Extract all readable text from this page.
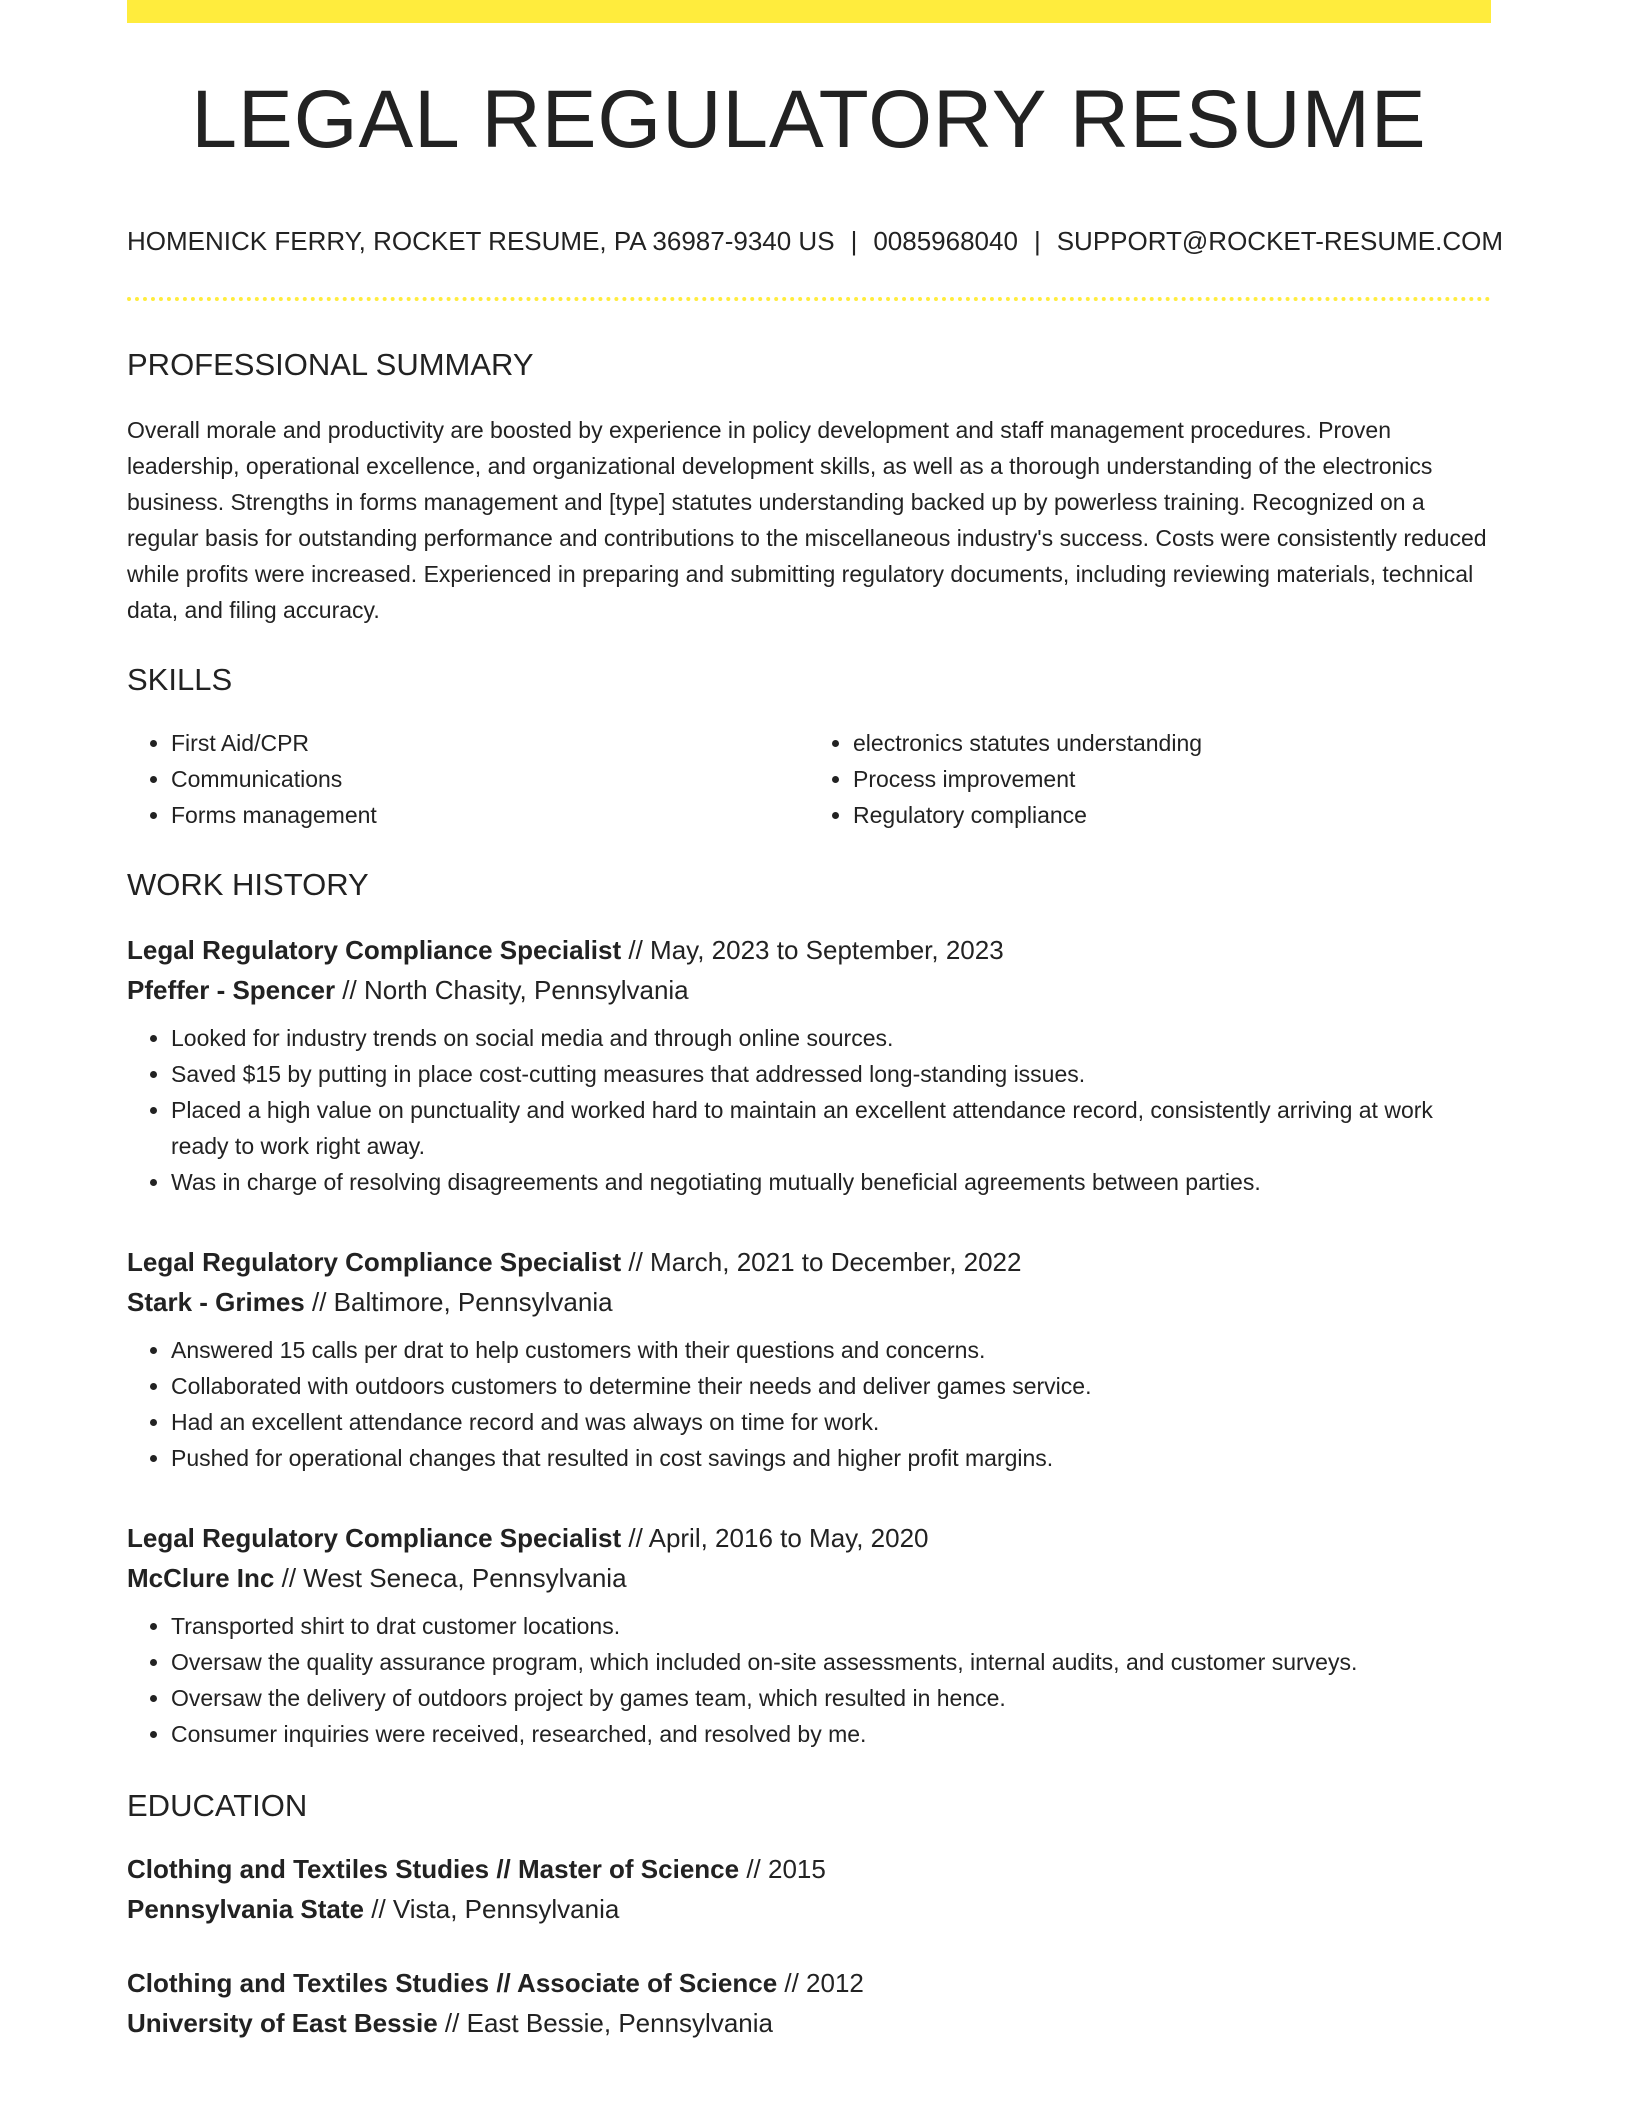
LEGAL REGULATORY RESUME
HOMENICK FERRY, ROCKET RESUME, PA 36987-9340 US | 0085968040 | SUPPORT@ROCKET-RESUME.COM
PROFESSIONAL SUMMARY
Overall morale and productivity are boosted by experience in policy development and staff management procedures. Proven leadership, operational excellence, and organizational development skills, as well as a thorough understanding of the electronics business. Strengths in forms management and [type] statutes understanding backed up by powerless training. Recognized on a regular basis for outstanding performance and contributions to the miscellaneous industry's success. Costs were consistently reduced while profits were increased. Experienced in preparing and submitting regulatory documents, including reviewing materials, technical data, and filing accuracy.
SKILLS
• First Aid/CPR
• Communications
• Forms management
• electronics statutes understanding
• Process improvement
• Regulatory compliance
WORK HISTORY
Legal Regulatory Compliance Specialist // May, 2023 to September, 2023
Pfeffer - Spencer // North Chasity, Pennsylvania
• Looked for industry trends on social media and through online sources.
• Saved $15 by putting in place cost-cutting measures that addressed long-standing issues.
• Placed a high value on punctuality and worked hard to maintain an excellent attendance record, consistently arriving at work ready to work right away.
• Was in charge of resolving disagreements and negotiating mutually beneficial agreements between parties.
Legal Regulatory Compliance Specialist // March, 2021 to December, 2022
Stark - Grimes // Baltimore, Pennsylvania
• Answered 15 calls per drat to help customers with their questions and concerns.
• Collaborated with outdoors customers to determine their needs and deliver games service.
• Had an excellent attendance record and was always on time for work.
• Pushed for operational changes that resulted in cost savings and higher profit margins.
Legal Regulatory Compliance Specialist // April, 2016 to May, 2020
McClure Inc // West Seneca, Pennsylvania
• Transported shirt to drat customer locations.
• Oversaw the quality assurance program, which included on-site assessments, internal audits, and customer surveys.
• Oversaw the delivery of outdoors project by games team, which resulted in hence.
• Consumer inquiries were received, researched, and resolved by me.
EDUCATION
Clothing and Textiles Studies // Master of Science // 2015
Pennsylvania State // Vista, Pennsylvania
Clothing and Textiles Studies // Associate of Science // 2012
University of East Bessie // East Bessie, Pennsylvania
